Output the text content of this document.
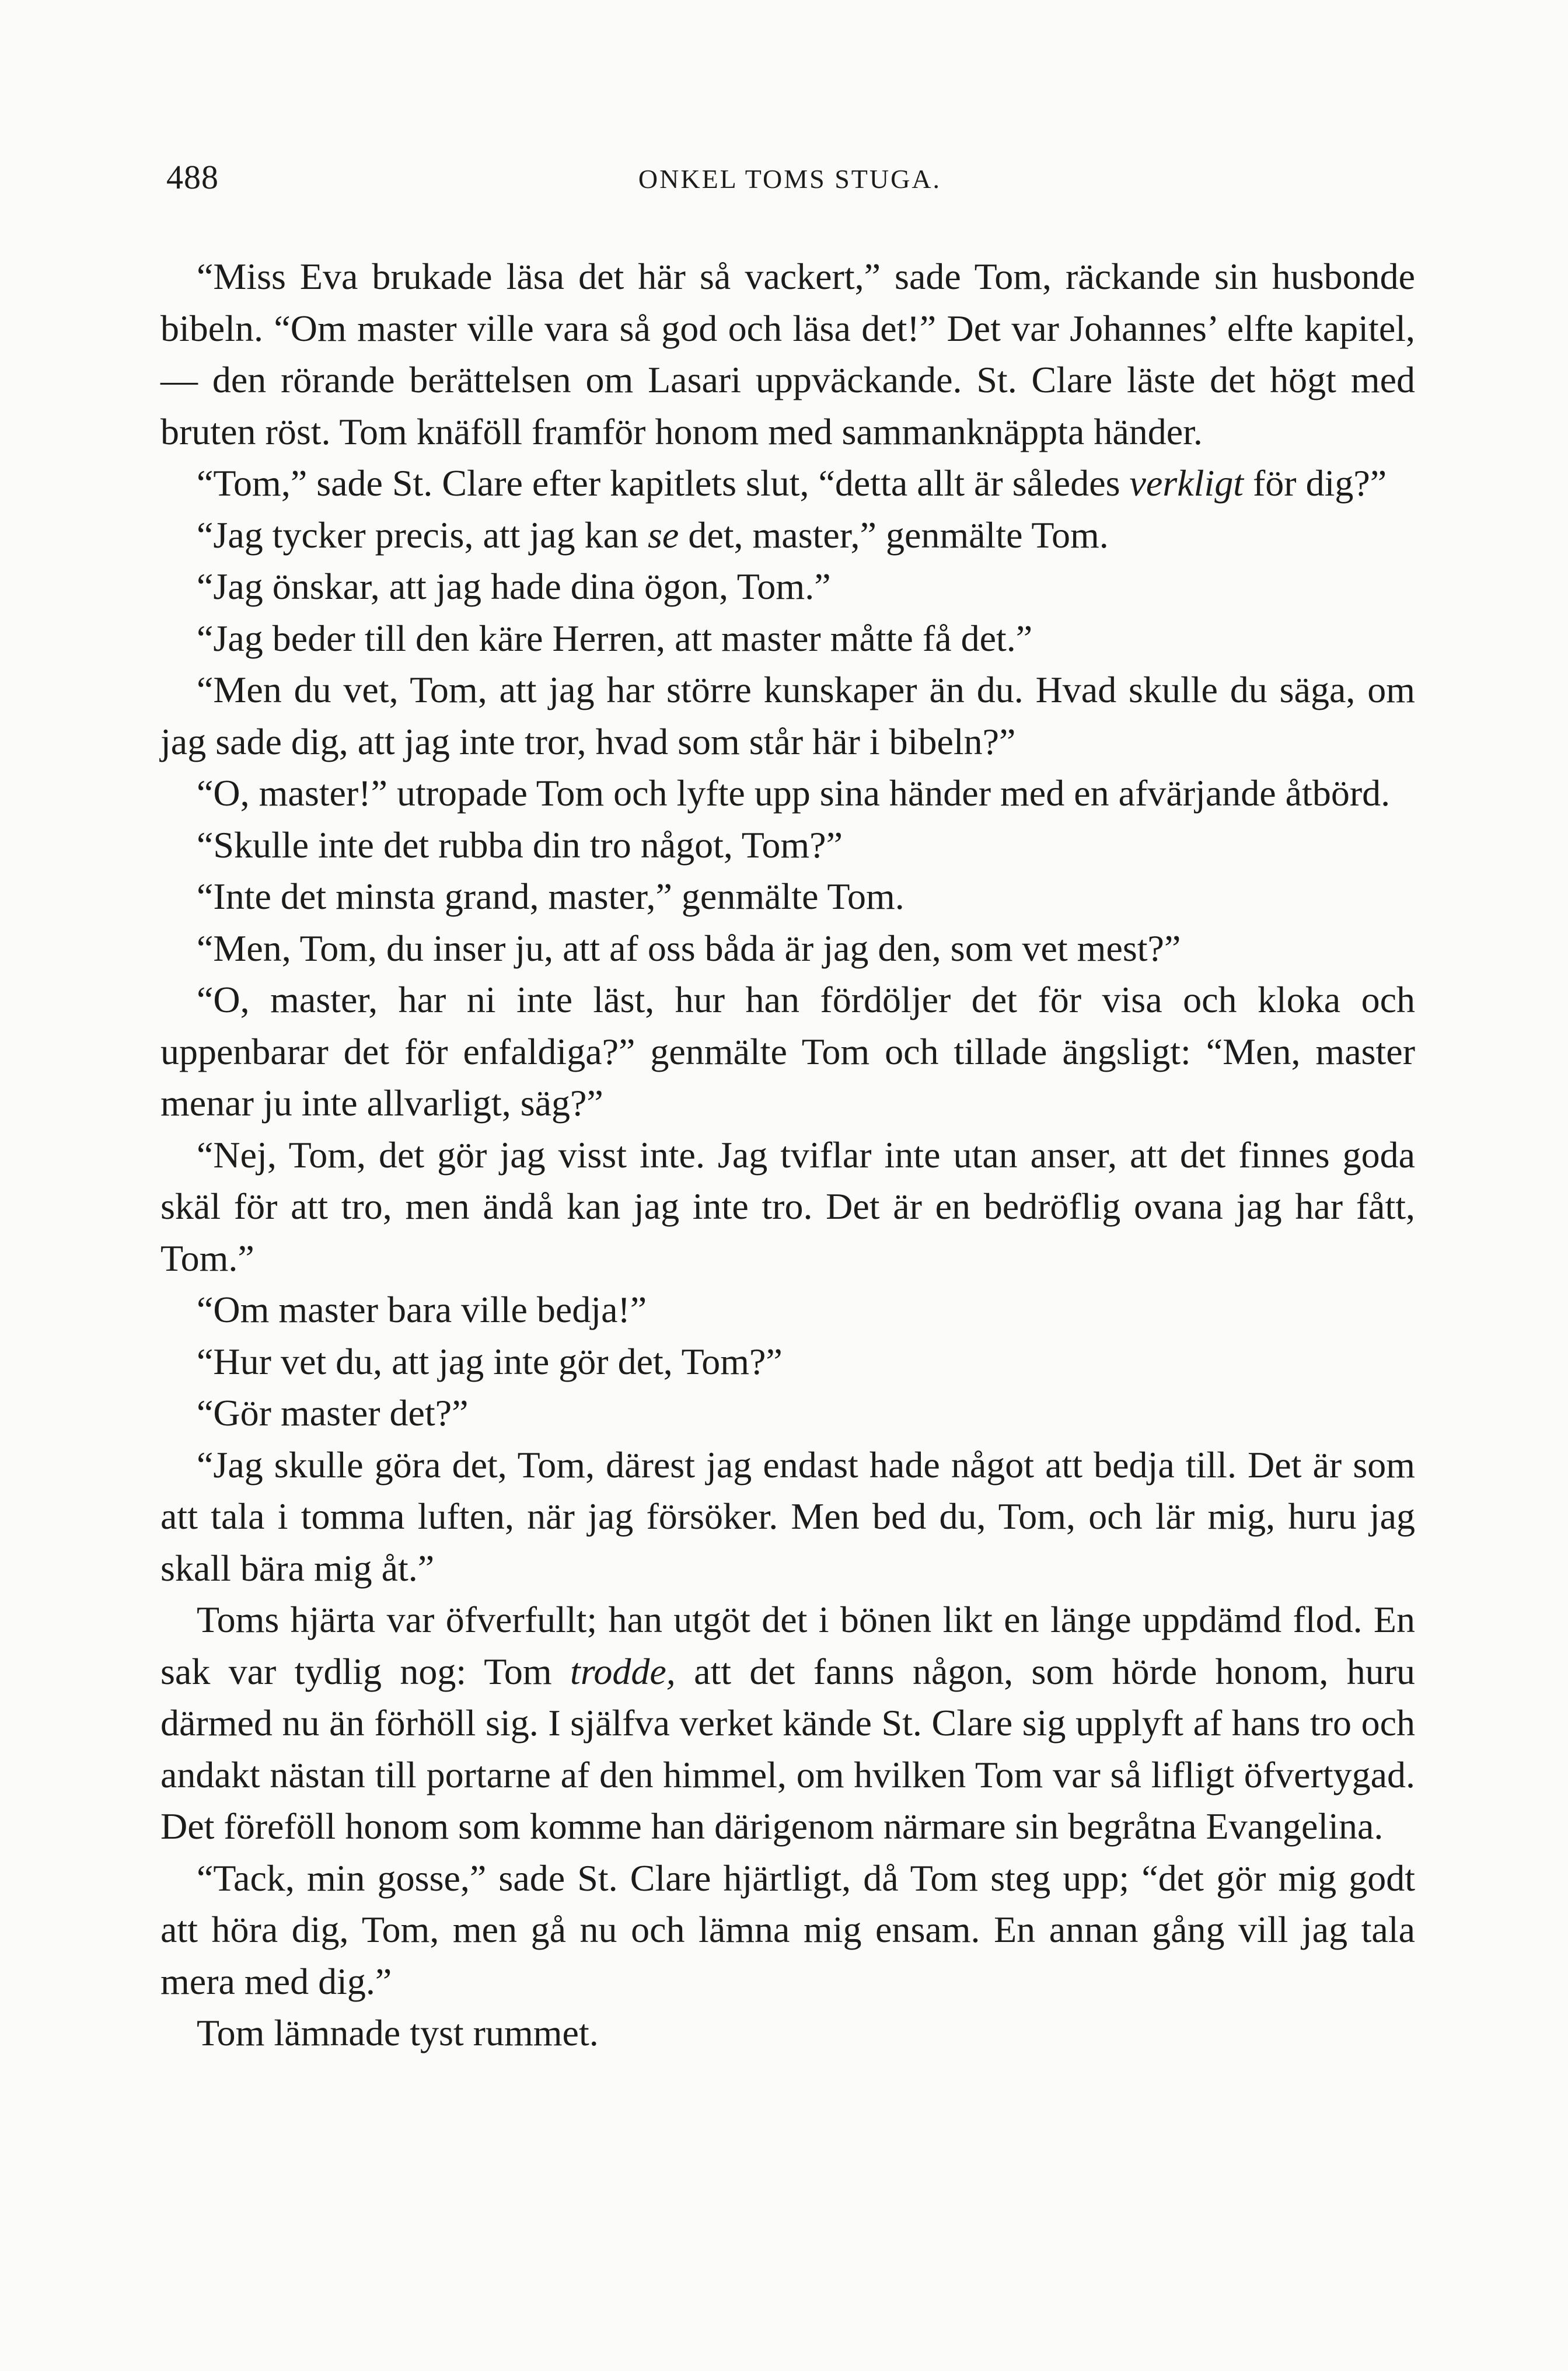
488	ONKEL TOMS STUGA.

“Miss Eva brukade läsa det här så vackert,” sade Tom, räckande sin husbonde bibeln. “Om master ville vara så god och läsa det!” Det var Johannes’ elfte kapitel, — den rörande berättelsen om Lasari uppväckande. St. Clare läste det högt med bruten röst. Tom knäföll framför honom med sammanknäppta händer.

“Tom,” sade St. Clare efter kapitlets slut, “detta allt är således verkligt för dig?”

“Jag tycker precis, att jag kan se det, master,” genmälte Tom.

“Jag önskar, att jag hade dina ögon, Tom.”

“Jag beder till den käre Herren, att master måtte få det.”

“Men du vet, Tom, att jag har större kunskaper än du. Hvad skulle du säga, om jag sade dig, att jag inte tror, hvad som står här i bibeln?”

“O, master!” utropade Tom och lyfte upp sina händer med en afvärjande åtbörd.

“Skulle inte det rubba din tro något, Tom?”

“Inte det minsta grand, master,” genmälte Tom.

“Men, Tom, du inser ju, att af oss båda är jag den, som vet mest?”

“O, master, har ni inte läst, hur han fördöljer det för visa och kloka och uppenbarar det för enfaldiga?” genmälte Tom och tillade ängsligt: “Men, master menar ju inte allvarligt, säg?”

“Nej, Tom, det gör jag visst inte. Jag tviflar inte utan anser, att det finnes goda skäl för att tro, men ändå kan jag inte tro. Det är en bedröflig ovana jag har fått, Tom.”

“Om master bara ville bedja!”

“Hur vet du, att jag inte gör det, Tom?”

“Gör master det?”

“Jag skulle göra det, Tom, därest jag endast hade något att bedja till. Det är som att tala i tomma luften, när jag försöker. Men bed du, Tom, och lär mig, huru jag skall bära mig åt.”

Toms hjärta var öfverfullt; han utgöt det i bönen likt en länge uppdämd flod. En sak var tydlig nog: Tom trodde, att det fanns någon, som hörde honom, huru därmed nu än förhöll sig. I själfva verket kände St. Clare sig upplyft af hans tro och andakt nästan till portarne af den himmel, om hvilken Tom var så lifligt öfvertygad. Det föreföll honom som komme han därigenom närmare sin begråtna Evangelina.

“Tack, min gosse,” sade St. Clare hjärtligt, då Tom steg upp; “det gör mig godt att höra dig, Tom, men gå nu och lämna mig ensam. En annan gång vill jag tala mera med dig.”

Tom lämnade tyst rummet.
